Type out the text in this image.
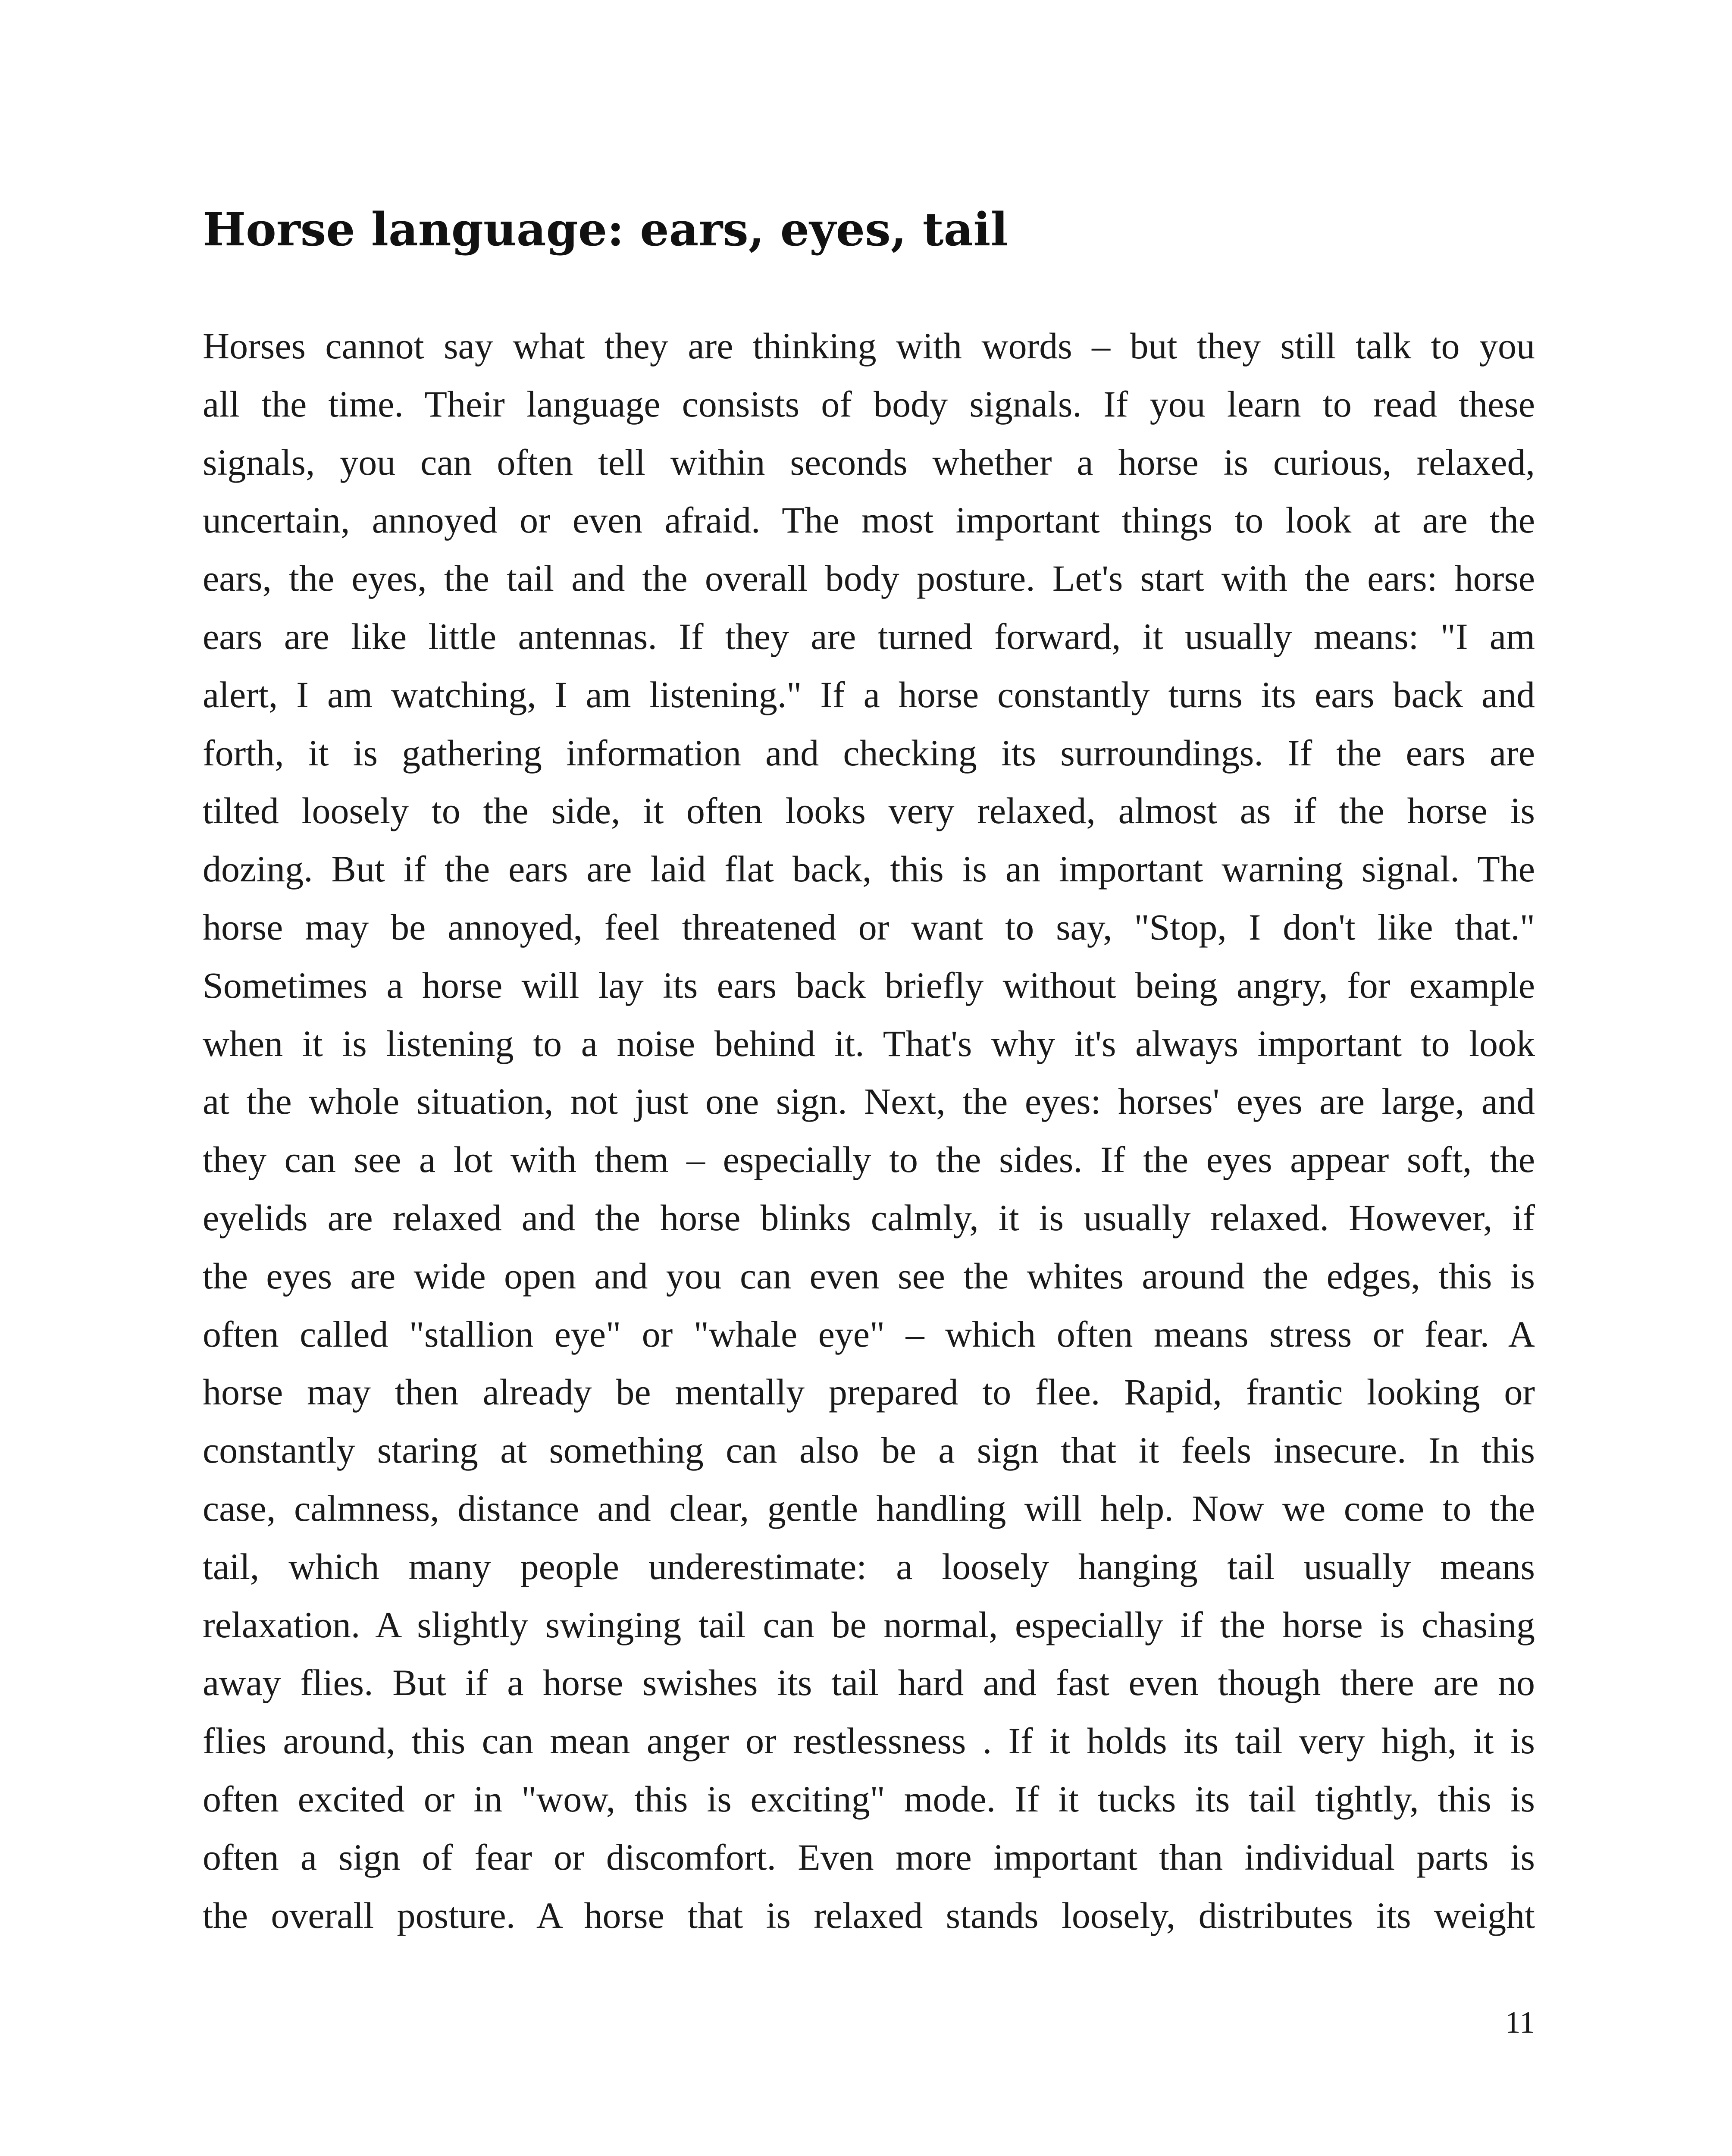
Horse language: ears, eyes, tail
Horses cannot say what they are thinking with words – but they still talk to you
all the time. Their language consists of body signals. If you learn to read these
signals, you can often tell within seconds whether a horse is curious, relaxed,
uncertain, annoyed or even afraid. The most important things to look at are the
ears, the eyes, the tail and the overall body posture. Let's start with the ears: horse
ears are like little antennas. If they are turned forward, it usually means: "I am
alert, I am watching, I am listening." If a horse constantly turns its ears back and
forth, it is gathering information and checking its surroundings. If the ears are
tilted loosely to the side, it often looks very relaxed, almost as if the horse is
dozing. But if the ears are laid flat back, this is an important warning signal. The
horse may be annoyed, feel threatened or want to say, "Stop, I don't like that."
Sometimes a horse will lay its ears back briefly without being angry, for example
when it is listening to a noise behind it. That's why it's always important to look
at the whole situation, not just one sign. Next, the eyes: horses' eyes are large, and
they can see a lot with them – especially to the sides. If the eyes appear soft, the
eyelids are relaxed and the horse blinks calmly, it is usually relaxed. However, if
the eyes are wide open and you can even see the whites around the edges, this is
often called "stallion eye" or "whale eye" – which often means stress or fear. A
horse may then already be mentally prepared to flee. Rapid, frantic looking or
constantly staring at something can also be a sign that it feels insecure. In this
case, calmness, distance and clear, gentle handling will help. Now we come to the
tail, which many people underestimate: a loosely hanging tail usually means
relaxation. A slightly swinging tail can be normal, especially if the horse is chasing
away flies. But if a horse swishes its tail hard and fast even though there are no
flies around, this can mean anger or restlessness . If it holds its tail very high, it is
often excited or in "wow, this is exciting" mode. If it tucks its tail tightly, this is
often a sign of fear or discomfort. Even more important than individual parts is
the overall posture. A horse that is relaxed stands loosely, distributes its weight
11
